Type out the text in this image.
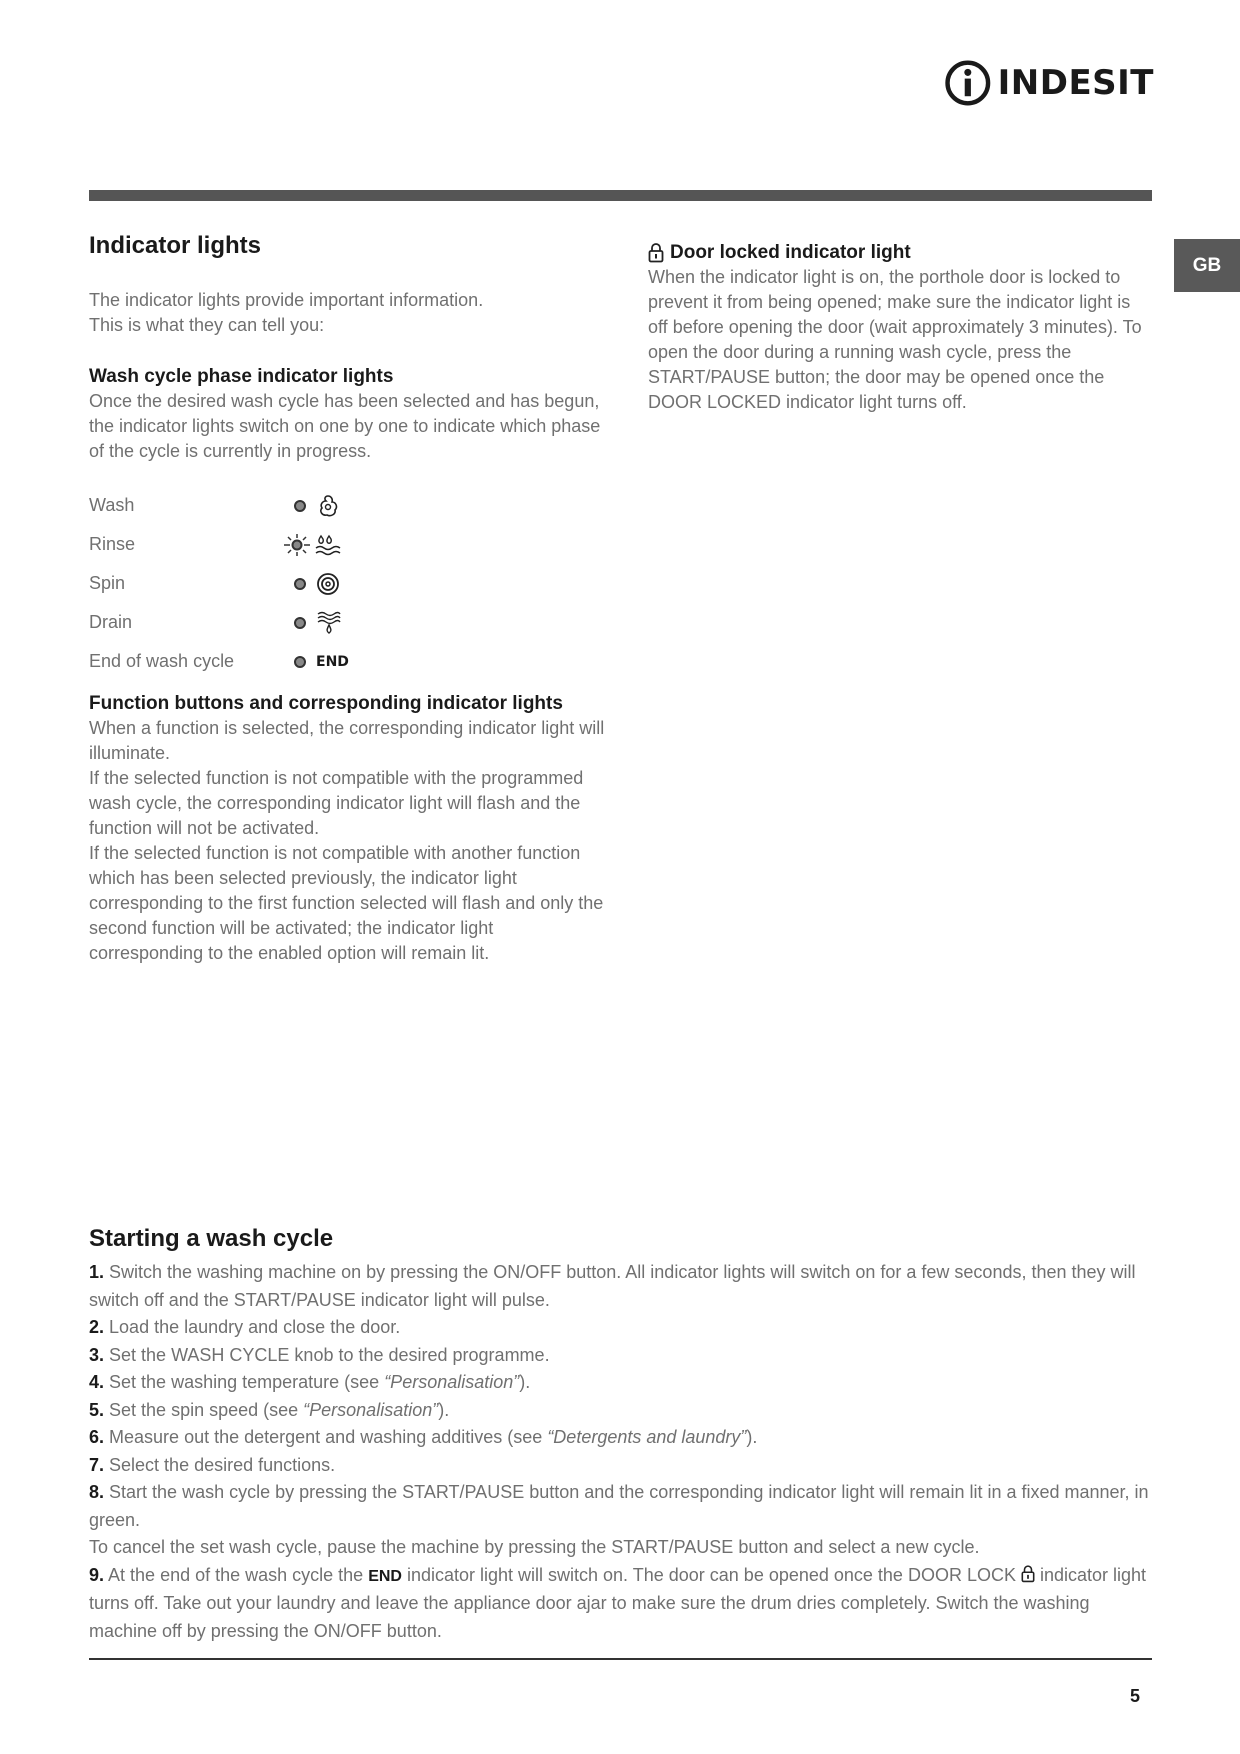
INDESIT
GB
Indicator lights

The indicator lights provide important information.

This is what they can tell you:

Wash cycle phase indicator lights

Once the desired wash cycle has been selected and has begun, the indicator lights switch on one by one to indicate which phase of the cycle is currently in progress.

Wash
Rinse
Spin
Drain
End of wash cycle	END
Function buttons and corresponding indicator lights

When a function is selected, the corresponding indicator light will illuminate.

If the selected function is not compatible with the programmed wash cycle, the corresponding indicator light will flash and the function will not be activated.

If the selected function is not compatible with another function which has been selected previously, the indicator light corresponding to the first function selected will flash and only the second function will be activated; the indicator light corresponding to the enabled option will remain lit.

Door locked indicator light

When the indicator light is on, the porthole door is locked to prevent it from being opened; make sure the indicator light is off before opening the door (wait approximately 3 minutes). To open the door during a running wash cycle, press the START/PAUSE button; the door may be opened once the DOOR LOCKED indicator light turns off.

Starting a wash cycle

1. Switch the washing machine on by pressing the ON/OFF button. All indicator lights will switch on for a few seconds, then they will switch off and the START/PAUSE indicator light will pulse.

2. Load the laundry and close the door.

3. Set the WASH CYCLE knob to the desired programme.

4. Set the washing temperature (see “Personalisation”).

5. Set the spin speed (see “Personalisation”).

6. Measure out the detergent and washing additives (see “Detergents and laundry”).

7. Select the desired functions.

8. Start the wash cycle by pressing the START/PAUSE button and the corresponding indicator light will remain lit in a fixed manner, in green.

To cancel the set wash cycle, pause the machine by pressing the START/PAUSE button and select a new cycle.

9. At the end of the wash cycle the END indicator light will switch on. The door can be opened once the DOOR LOCK  indicator light turns off. Take out your laundry and leave the appliance door ajar to make sure the drum dries completely. Switch the washing machine off by pressing the ON/OFF button.

5
